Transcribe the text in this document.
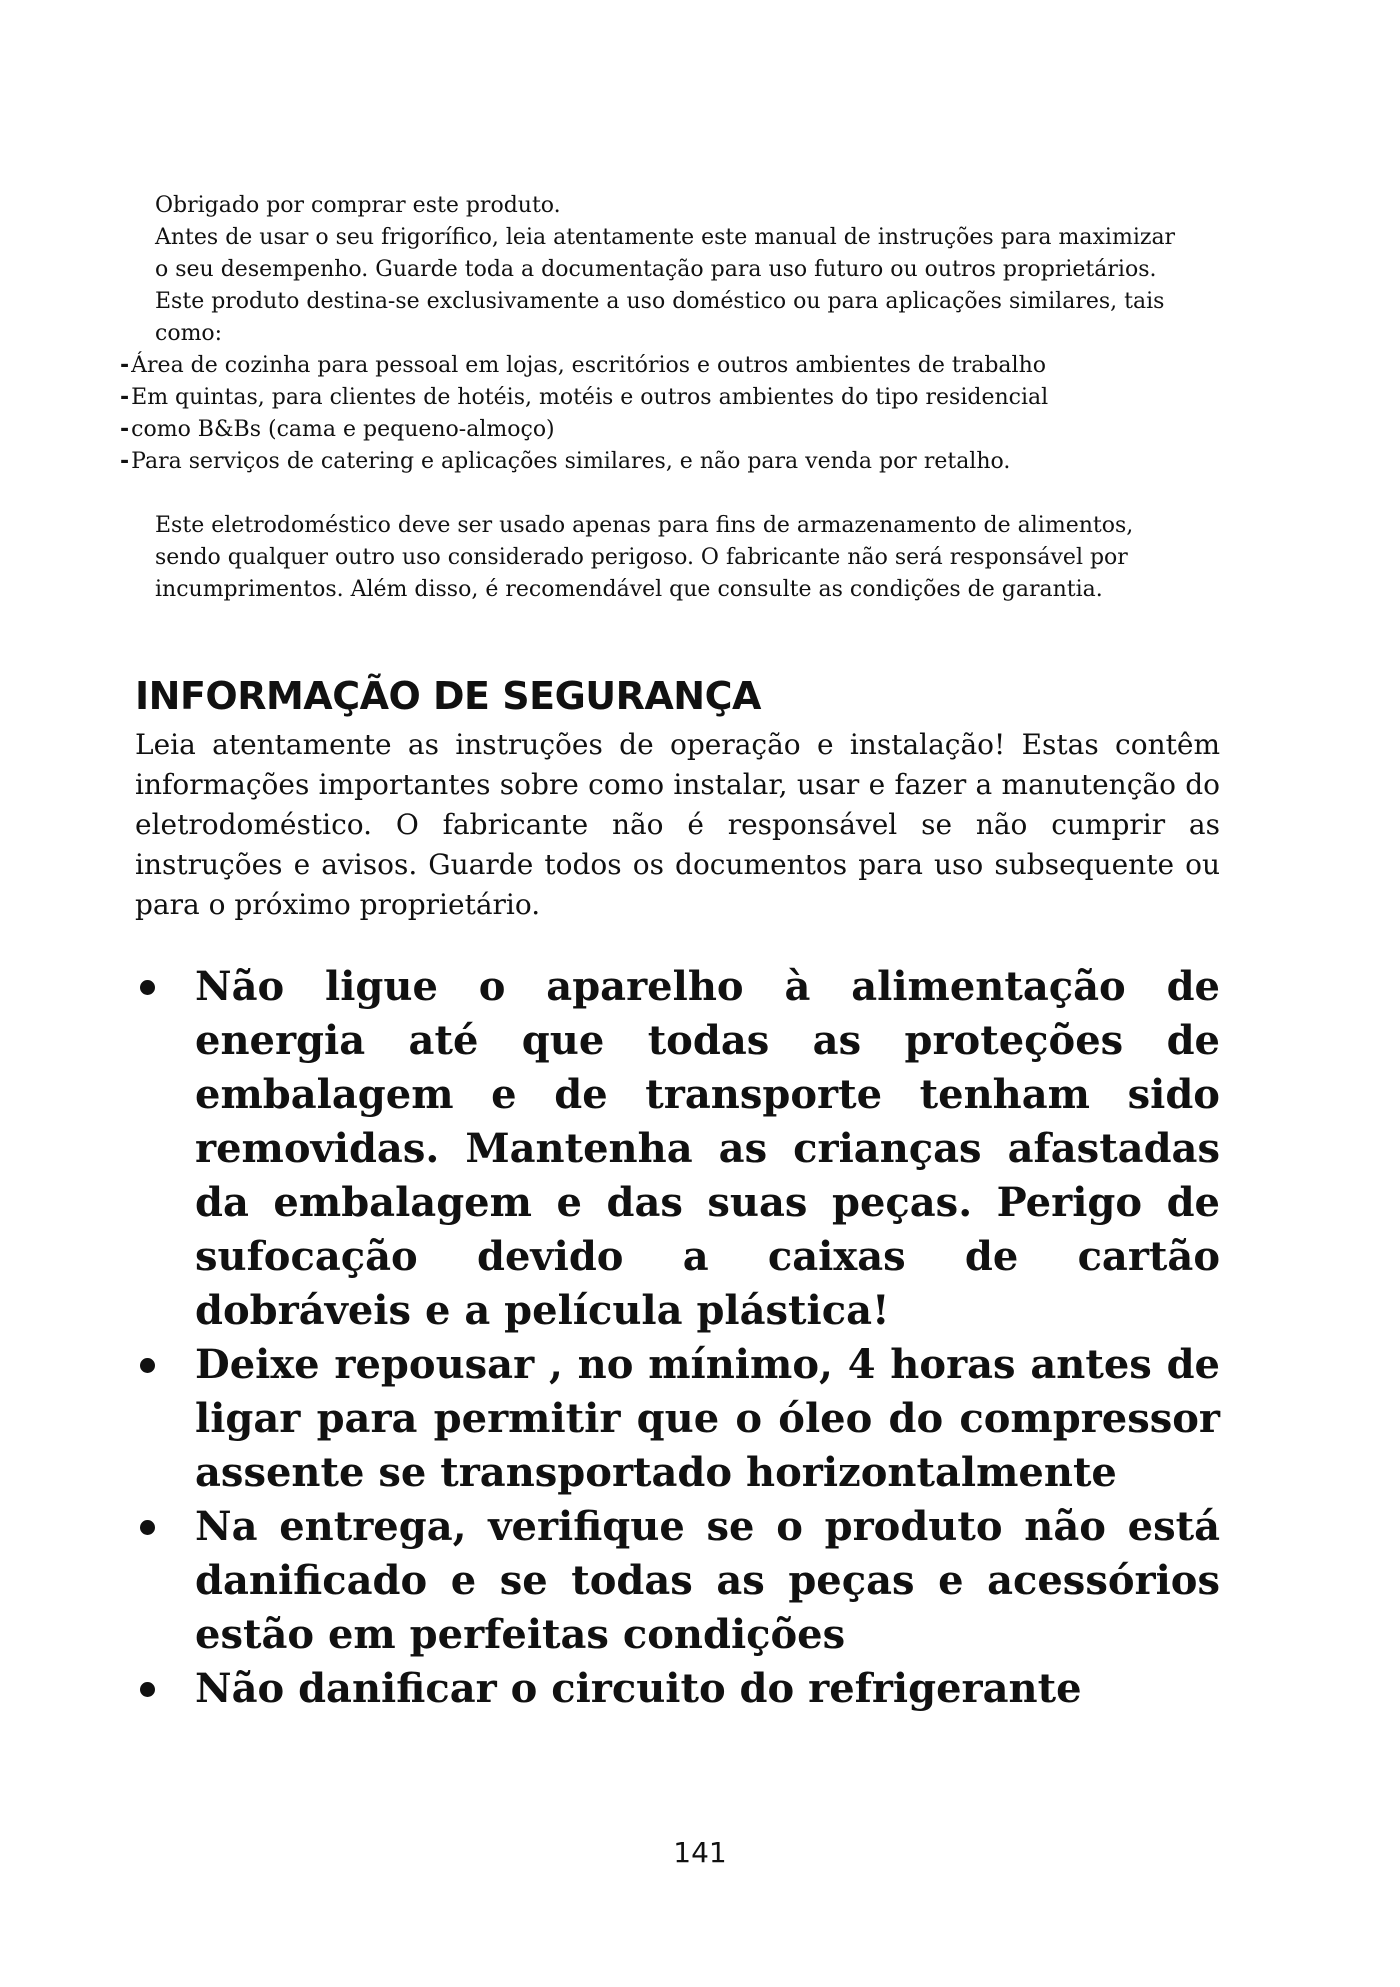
Obrigado por comprar este produto.

Antes de usar o seu frigorífico, leia atentamente este manual de instruções para maximizar o seu desempenho. Guarde toda a documentação para uso futuro ou outros proprietários.

Este produto destina-se exclusivamente a uso doméstico ou para aplicações similares, tais como:

-Área de cozinha para pessoal em lojas, escritórios e outros ambientes de trabalho
-Em quintas, para clientes de hotéis, motéis e outros ambientes do tipo residencial
-como B&Bs (cama e pequeno-almoço)
-Para serviços de catering e aplicações similares, e não para venda por retalho.

Este eletrodoméstico deve ser usado apenas para fins de armazenamento de alimentos, sendo qualquer outro uso considerado perigoso. O fabricante não será responsável por incumprimentos. Além disso, é recomendável que consulte as condições de garantia.

INFORMAÇÃO DE SEGURANÇA

Leia atentamente as instruções de operação e instalação! Estas contêm informações importantes sobre como instalar, usar e fazer a manutenção do eletrodoméstico. O fabricante não é responsável se não cumprir as instruções e avisos. Guarde todos os documentos para uso subsequente ou para o próximo proprietário.

Não ligue o aparelho à alimentação de energia até que todas as proteções de embalagem e de transporte tenham sido removidas. Mantenha as crianças afastadas da embalagem e das suas peças. Perigo de sufocação devido a caixas de cartão dobráveis e a película plástica!
Deixe repousar , no mínimo, 4 horas antes de ligar para permitir que o óleo do compressor assente se transportado horizontalmente
Na entrega, verifique se o produto não está danificado e se todas as peças e acessórios estão em perfeitas condições
Não danificar o circuito do refrigerante
141
